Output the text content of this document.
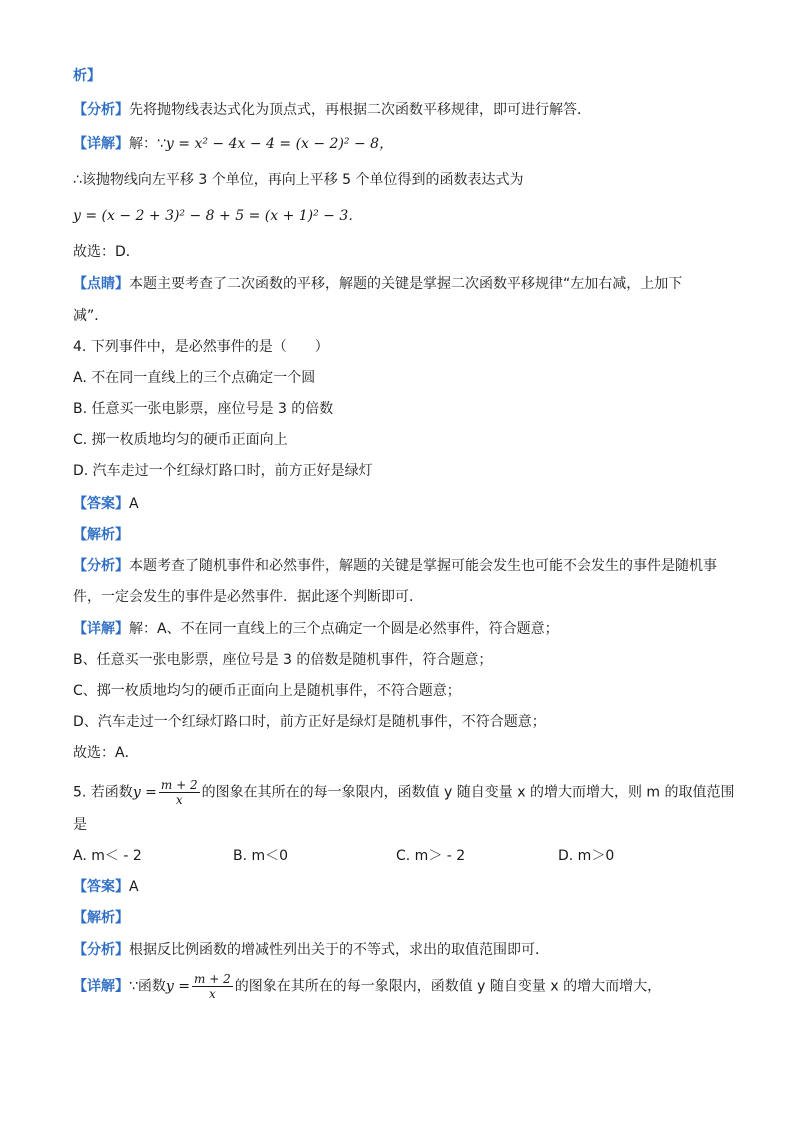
析】
【分析】先将抛物线表达式化为顶点式，再根据二次函数平移规律，即可进行解答．
【详解】解：∵y = x² − 4x − 4 = (x − 2)² − 8，
∴该抛物线向左平移 3 个单位，再向上平移 5 个单位得到的函数表达式为
y = (x − 2 + 3)² − 8 + 5 = (x + 1)² − 3．
故选：D．
【点睛】本题主要考查了二次函数的平移，解题的关键是掌握二次函数平移规律“左加右减，上加下
减”．
4. 下列事件中，是必然事件的是（　　）
A. 不在同一直线上的三个点确定一个圆
B. 任意买一张电影票，座位号是 3 的倍数
C. 掷一枚质地均匀的硬币正面向上
D. 汽车走过一个红绿灯路口时，前方正好是绿灯
【答案】A
【解析】
【分析】本题考查了随机事件和必然事件，解题的关键是掌握可能会发生也可能不会发生的事件是随机事
件，一定会发生的事件是必然事件．据此逐个判断即可．
【详解】解：A、不在同一直线上的三个点确定一个圆是必然事件，符合题意；
B、任意买一张电影票，座位号是 3 的倍数是随机事件，符合题意；
C、掷一枚质地均匀的硬币正面向上是随机事件，不符合题意；
D、汽车走过一个红绿灯路口时，前方正好是绿灯是随机事件，不符合题意；
故选：A．
5. 若函数$y = \frac{m + 2}{x}$ 的图象在其所在的每一象限内，函数值 y 随自变量 x 的增大而增大，则 m 的取值范围
是
A. m＜ - 2	B. m＜0	C. m＞ - 2	D. m＞0
【答案】A
【解析】
【分析】根据反比例函数的增减性列出关于的不等式，求出的取值范围即可．
【详解】∵函数$y = \frac{m + 2}{x}$ 的图象在其所在的每一象限内，函数值 y 随自变量 x 的增大而增大，
